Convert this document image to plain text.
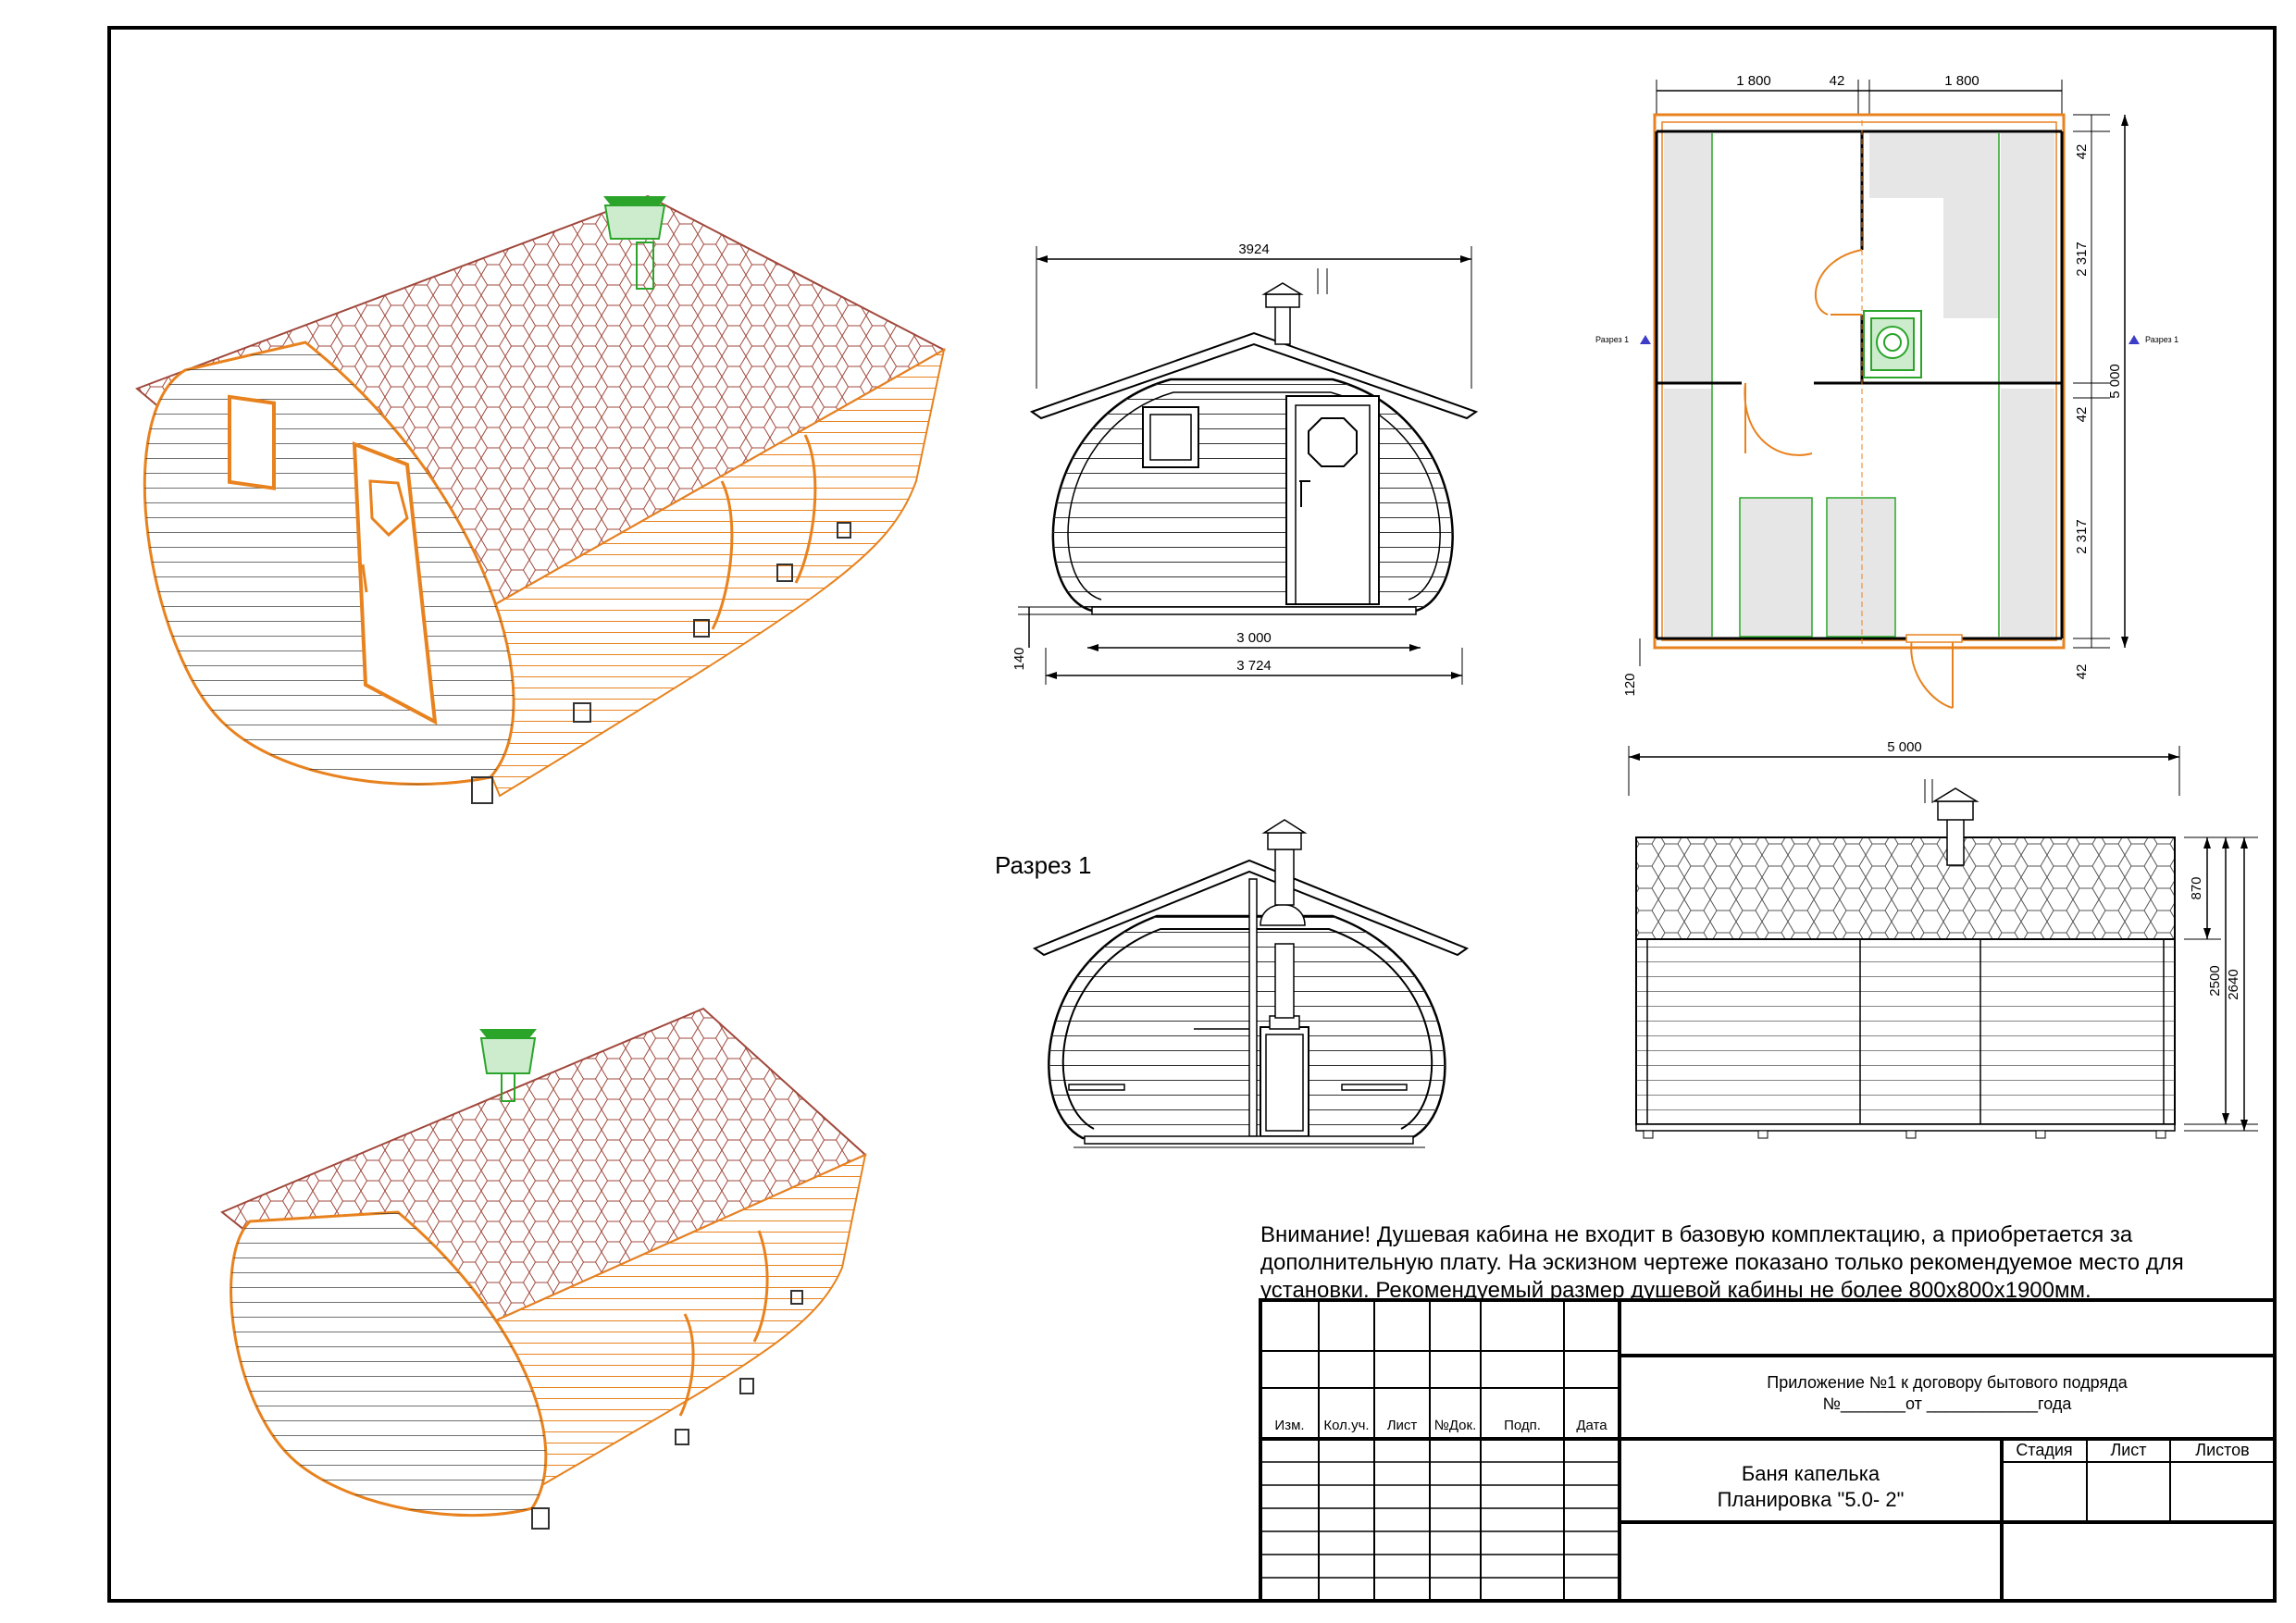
3924
3 000
3 724
140
Разрез 1
1 800	42	1 800
Разрез 1	Разрез 1
42
2 317
42
2 317
42
5 000
120
5 000
870
2500 2640
Внимание! Душевая кабина не входит в базовую комплектацию, а приобретается за дополнительную плату. На эскизном чертеже показано только рекомендуемое место для установки. Рекомендуемый размер душевой кабины не более 800х800х1900мм.
Изм.	Кол.уч.	Лист	№Док.	Подп.	Дата
Приложение №1 к договору бытового подряда
№_______от ____________года
Баня капелька
Планировка "5.0- 2"
Стадия	Лист	Листов
